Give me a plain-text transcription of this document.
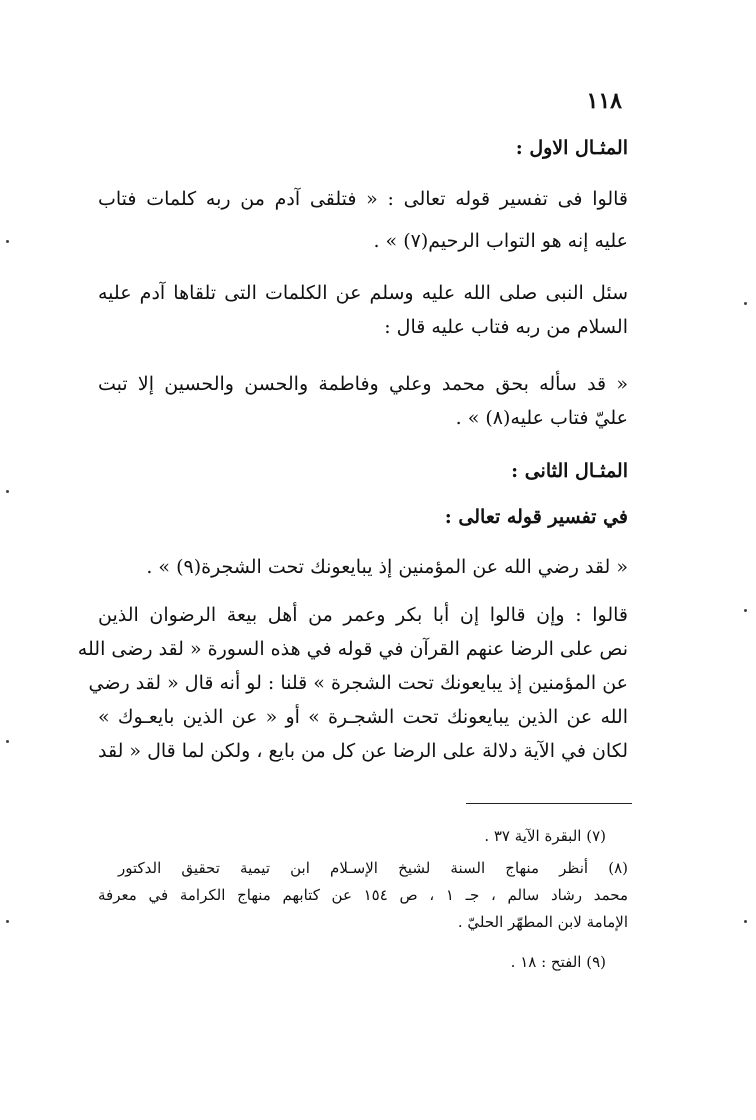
١١٨
المثـال الاول :
قالوا فى تفسير قوله تعالى : « فتلقى آدم من ربه كلمات فتاب
عليه إنه هو التواب الرحيم(٧) » .
سئل النبى صلى الله عليه وسلم عن الكلمات التى تلقاها آدم عليه
السلام من ربه فتاب عليه قال :
« قد سأله بحق محمد وعلي وفاطمة والحسن والحسين إلا تبت
عليّ فتاب عليه(٨) » .
المثـال الثانى :
في تفسير قوله تعالى :
« لقد رضي الله عن المؤمنين إذ يبايعونك تحت الشجرة(٩) » .
قالوا : وإن قالوا إن أبا بكر وعمر من أهل بيعة الرضوان الذين
نص على الرضا عنهم القرآن في قوله في هذه السورة « لقد رضى الله
عن المؤمنين إذ يبايعونك تحت الشجرة » قلنا : لو أنه قال « لقد رضي
الله عن الذين يبايعونك تحت الشجـرة » أو « عن الذين بايعـوك »
لكان في الآية دلالة على الرضا عن كل من بايع ، ولكن لما قال « لقد
(٧) البقرة الآية ٣٧ .
(٨) أنظر منهاج السنة لشيخ الإسـلام ابن تيمية تحقيق الدكتور
محمد رشاد سالم ، جـ ١ ، ص ١٥٤ عن كتابهم منهاج الكرامة في معرفة
الإمامة لابن المطهّر الحليّ .
(٩) الفتح : ١٨ .
